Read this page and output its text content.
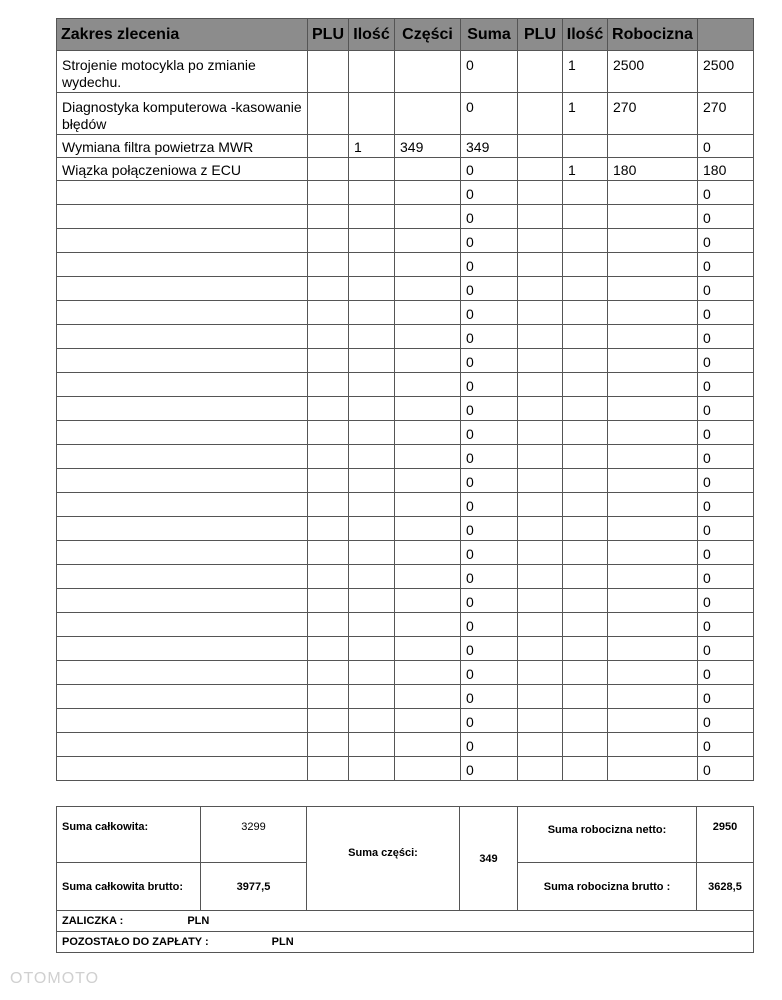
Zakres zlecenia	PLU	Ilość	Części	Suma	PLU	Ilość	Robocizna	
Strojenie motocykla po zmianie wydechu.				0		1	2500	2500
Diagnostyka komputerowa -kasowanie błędów				0		1	270	270
Wymiana filtra powietrza MWR		1	349	349				0
Wiązka połączeniowa z ECU				0		1	180	180
				0				0
				0				0
				0				0
				0				0
				0				0
				0				0
				0				0
				0				0
				0				0
				0				0
				0				0
				0				0
				0				0
				0				0
				0				0
				0				0
				0				0
				0				0
				0				0
				0				0
				0				0
				0				0
				0				0
				0				0
				0				0
Suma całkowita:	3299	Suma części:	349	Suma robocizna netto:	2950
Suma całkowita brutto:	3977,5			Suma robocizna brutto :	3628,5
ZALICZKA : PLN					
POZOSTAŁO DO ZAPŁATY : PLN					
OTOMOTO
